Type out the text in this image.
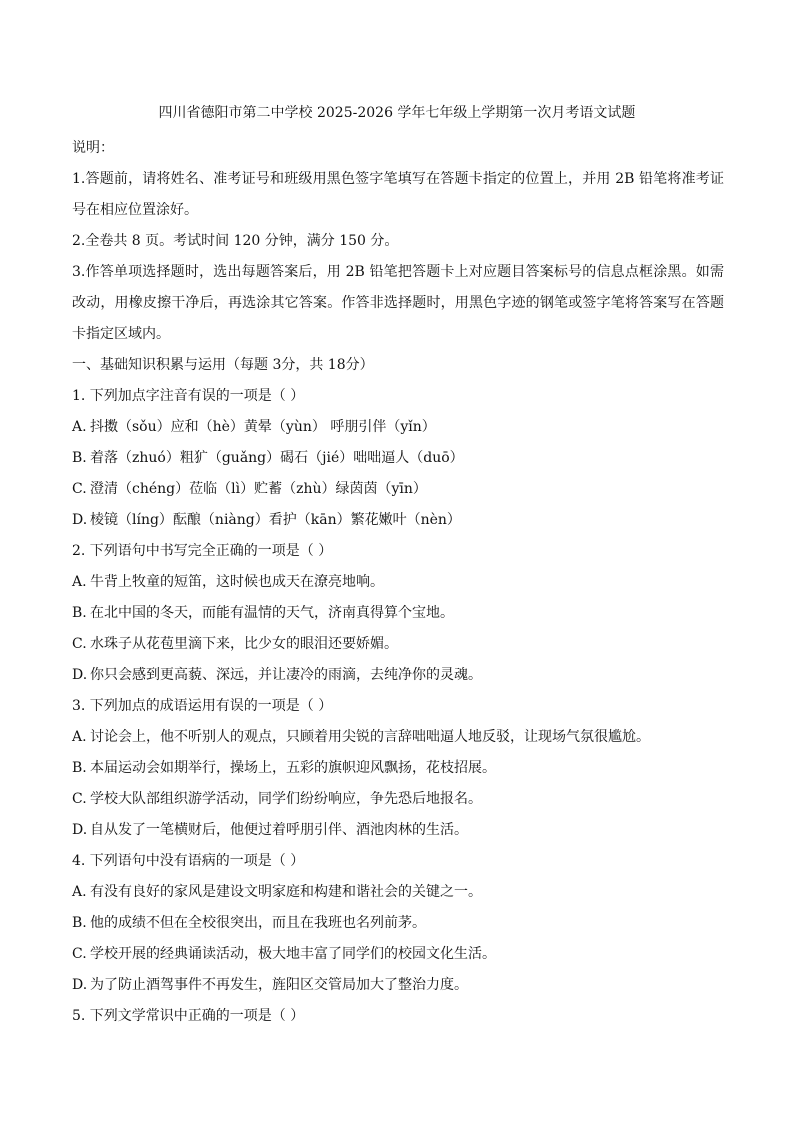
四川省德阳市第二中学校 2025-2026 学年七年级上学期第一次月考语文试题
说明：
1.答题前，请将姓名、准考证号和班级用黑色签字笔填写在答题卡指定的位置上，并用 2B 铅笔将准考证号在相应位置涂好。
2.全卷共 8 页。考试时间 120 分钟，满分 150 分。
3.作答单项选择题时，选出每题答案后，用 2B 铅笔把答题卡上对应题目答案标号的信息点框涂黑。如需改动，用橡皮擦干净后，再选涂其它答案。作答非选择题时，用黑色字迹的钢笔或签字笔将答案写在答题卡指定区域内。
一、基础知识积累与运用（每题 3分，共 18分）
1. 下列加点字注音有误的一项是（ ）
A. 抖擞（sǒu）应和（hè）黄晕（yùn） 呼朋引伴（yǐn）
B. 着落（zhuó）粗犷（guǎng）碣石（jié）咄咄逼人（duō）
C. 澄清（chéng）莅临（lì）贮蓄（zhù）绿茵茵（yīn）
D. 棱镜（líng）酝酿（niàng）看护（kān）繁花嫩叶（nèn）
2. 下列语句中书写完全正确的一项是（ ）
A. 牛背上牧童的短笛，这时候也成天在潦亮地响。
B. 在北中国的冬天，而能有温情的天气，济南真得算个宝地。
C. 水珠子从花苞里滴下来，比少女的眼泪还要娇媚。
D. 你只会感到更高藐、深远，并让凄冷的雨滴，去纯净你的灵魂。
3. 下列加点的成语运用有误的一项是（ ）
A. 讨论会上，他不听别人的观点，只顾着用尖锐的言辞咄咄逼人地反驳，让现场气氛很尴尬。
B. 本届运动会如期举行，操场上，五彩的旗帜迎风飘扬，花枝招展。
C. 学校大队部组织游学活动，同学们纷纷响应，争先恐后地报名。
D. 自从发了一笔横财后，他便过着呼朋引伴、酒池肉林的生活。
4. 下列语句中没有语病的一项是（ ）
A. 有没有良好的家风是建设文明家庭和构建和谐社会的关键之一。
B. 他的成绩不但在全校很突出，而且在我班也名列前茅。
C. 学校开展的经典诵读活动，极大地丰富了同学们的校园文化生活。
D. 为了防止酒驾事件不再发生，旌阳区交管局加大了整治力度。
5. 下列文学常识中正确的一项是（ ）
